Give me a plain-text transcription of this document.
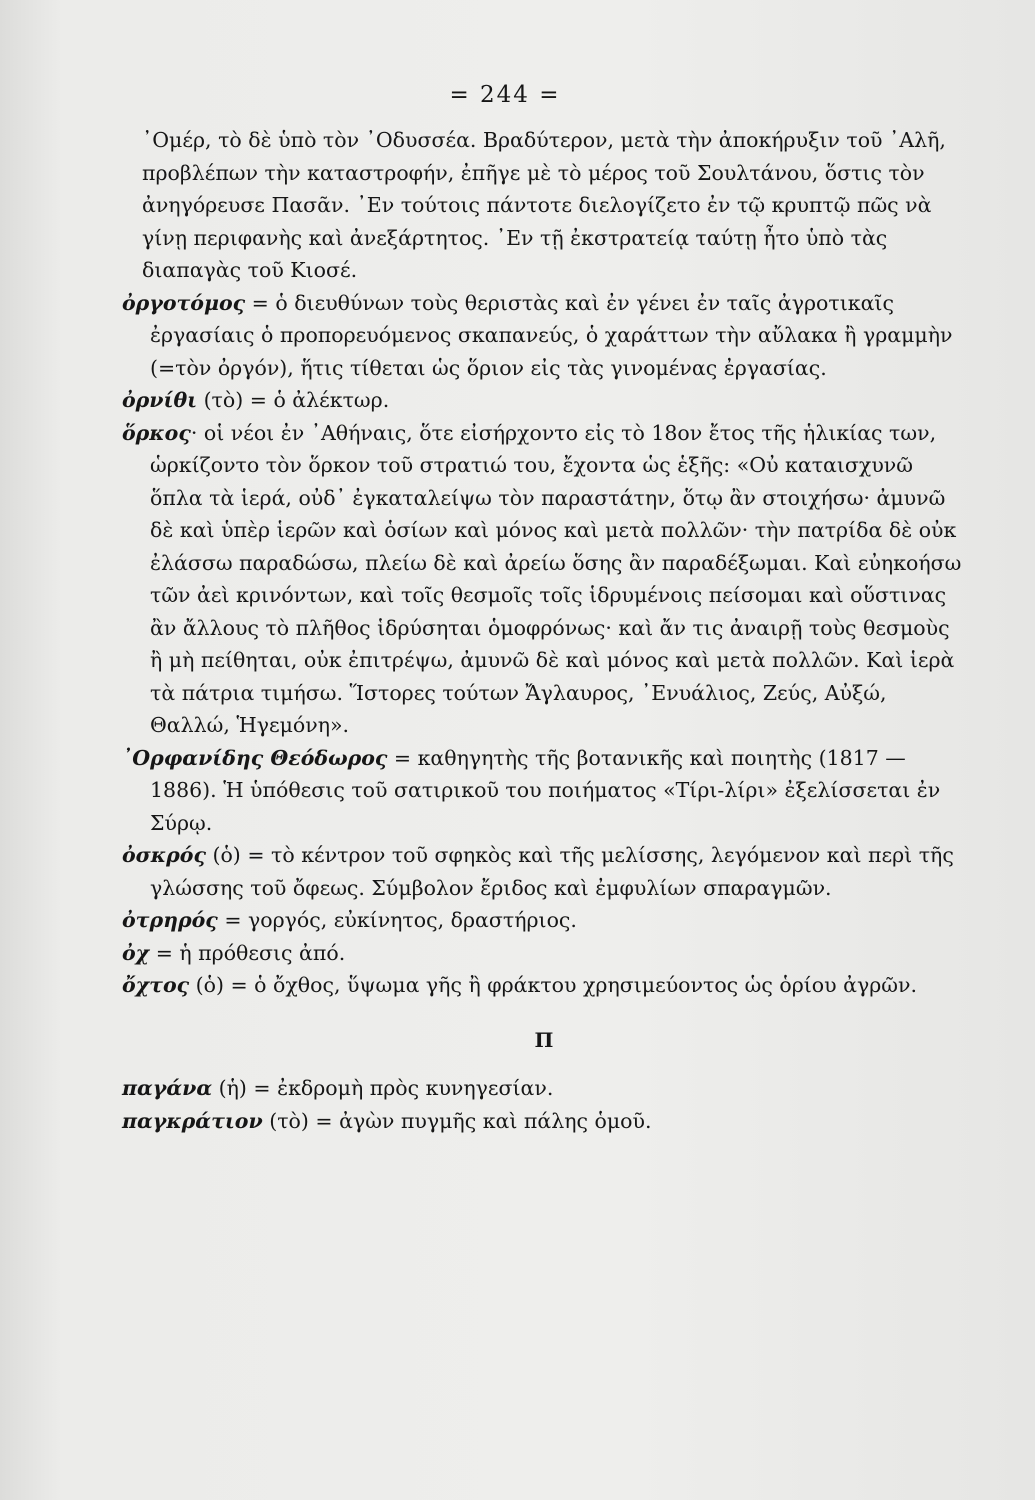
= 244 =

᾿Ομέρ, τὸ δὲ ὑπὸ τὸν ᾿Οδυσσέα. Βραδύτερον, μετὰ τὴν ἀποκήρυξιν τοῦ ᾿Αλῆ, προβλέπων τὴν καταστροφήν, ἐπῆγε μὲ τὸ μέρος τοῦ Σουλτάνου, ὅστις τὸν ἀνηγόρευσε Πασᾶν. ᾿Εν τούτοις πάντοτε διελογίζετο ἐν τῷ κρυπτῷ πῶς νὰ γίνῃ περιφανὴς καὶ ἀνεξάρτητος. ᾿Εν τῇ ἐκστρατείᾳ ταύτῃ ἦτο ὑπὸ τὰς διαπαγὰς τοῦ Κιοσέ.

ὀργοτόμος = ὁ διευθύνων τοὺς θεριστὰς καὶ ἐν γένει ἐν ταῖς ἀγροτικαῖς ἐργασίαις ὁ προπορευόμενος σκαπανεύς, ὁ χαράττων τὴν αὔλακα ἢ γραμμὴν (=τὸν ὀργόν), ἥτις τίθεται ὡς ὅριον εἰς τὰς γινομένας ἐργασίας.

ὀρνίθι (τὸ) = ὁ ἀλέκτωρ.

ὅρκος· οἱ νέοι ἐν ᾿Αθήναις, ὅτε εἰσήρχοντο εἰς τὸ 18ον ἔτος τῆς ἡλικίας των, ὡρκίζοντο τὸν ὅρκον τοῦ στρατιώ του, ἔχοντα ὡς ἑξῆς: «Οὐ καταισχυνῶ ὅπλα τὰ ἱερά, οὐδ᾿ ἐγκαταλείψω τὸν παραστάτην, ὅτῳ ἂν στοιχήσω· ἀμυνῶ δὲ καὶ ὑπὲρ ἱερῶν καὶ ὁσίων καὶ μόνος καὶ μετὰ πολλῶν· τὴν πατρίδα δὲ οὐκ ἐλάσσω παραδώσω, πλείω δὲ καὶ ἀρείω ὅσης ἂν παραδέξωμαι. Καὶ εὐηκοήσω τῶν ἀεὶ κρινόντων, καὶ τοῖς θεσμοῖς τοῖς ἱδρυμένοις πείσομαι καὶ οὕστινας ἂν ἄλλους τὸ πλῆθος ἱδρύσηται ὁμοφρόνως· καὶ ἄν τις ἀναιρῇ τοὺς θεσμοὺς ἢ μὴ πείθηται, οὐκ ἐπιτρέψω, ἀμυνῶ δὲ καὶ μόνος καὶ μετὰ πολλῶν. Καὶ ἱερὰ τὰ πάτρια τιμήσω. Ἵστορες τούτων Ἄγλαυρος, ᾿Ενυάλιος, Ζεύς, Αὐξώ, Θαλλώ, Ἡγεμόνη».

᾿Ορφανίδης Θεόδωρος = καθηγητὴς τῆς βοτανικῆς καὶ ποιητὴς (1817 — 1886). Ἡ ὑπόθεσις τοῦ σατιρικοῦ του ποιήματος «Τίρι-λίρι» ἐξελίσσεται ἐν Σύρῳ.

ὀσκρός (ὁ) = τὸ κέντρον τοῦ σφηκὸς καὶ τῆς μελίσσης, λεγόμενον καὶ περὶ τῆς γλώσσης τοῦ ὄφεως. Σύμβολον ἔριδος καὶ ἐμφυλίων σπαραγμῶν.

ὀτρηρός = γοργός, εὐκίνητος, δραστήριος.

ὀχ = ἡ πρόθεσις ἀπό.

ὄχτος (ὁ) = ὁ ὄχθος, ὕψωμα γῆς ἢ φράκτου χρησιμεύοντος ὡς ὁρίου ἀγρῶν.

Π

παγάνα (ἡ) = ἐκδρομὴ πρὸς κυνηγεσίαν.

παγκράτιον (τὸ) = ἀγὼν πυγμῆς καὶ πάλης ὁμοῦ.
